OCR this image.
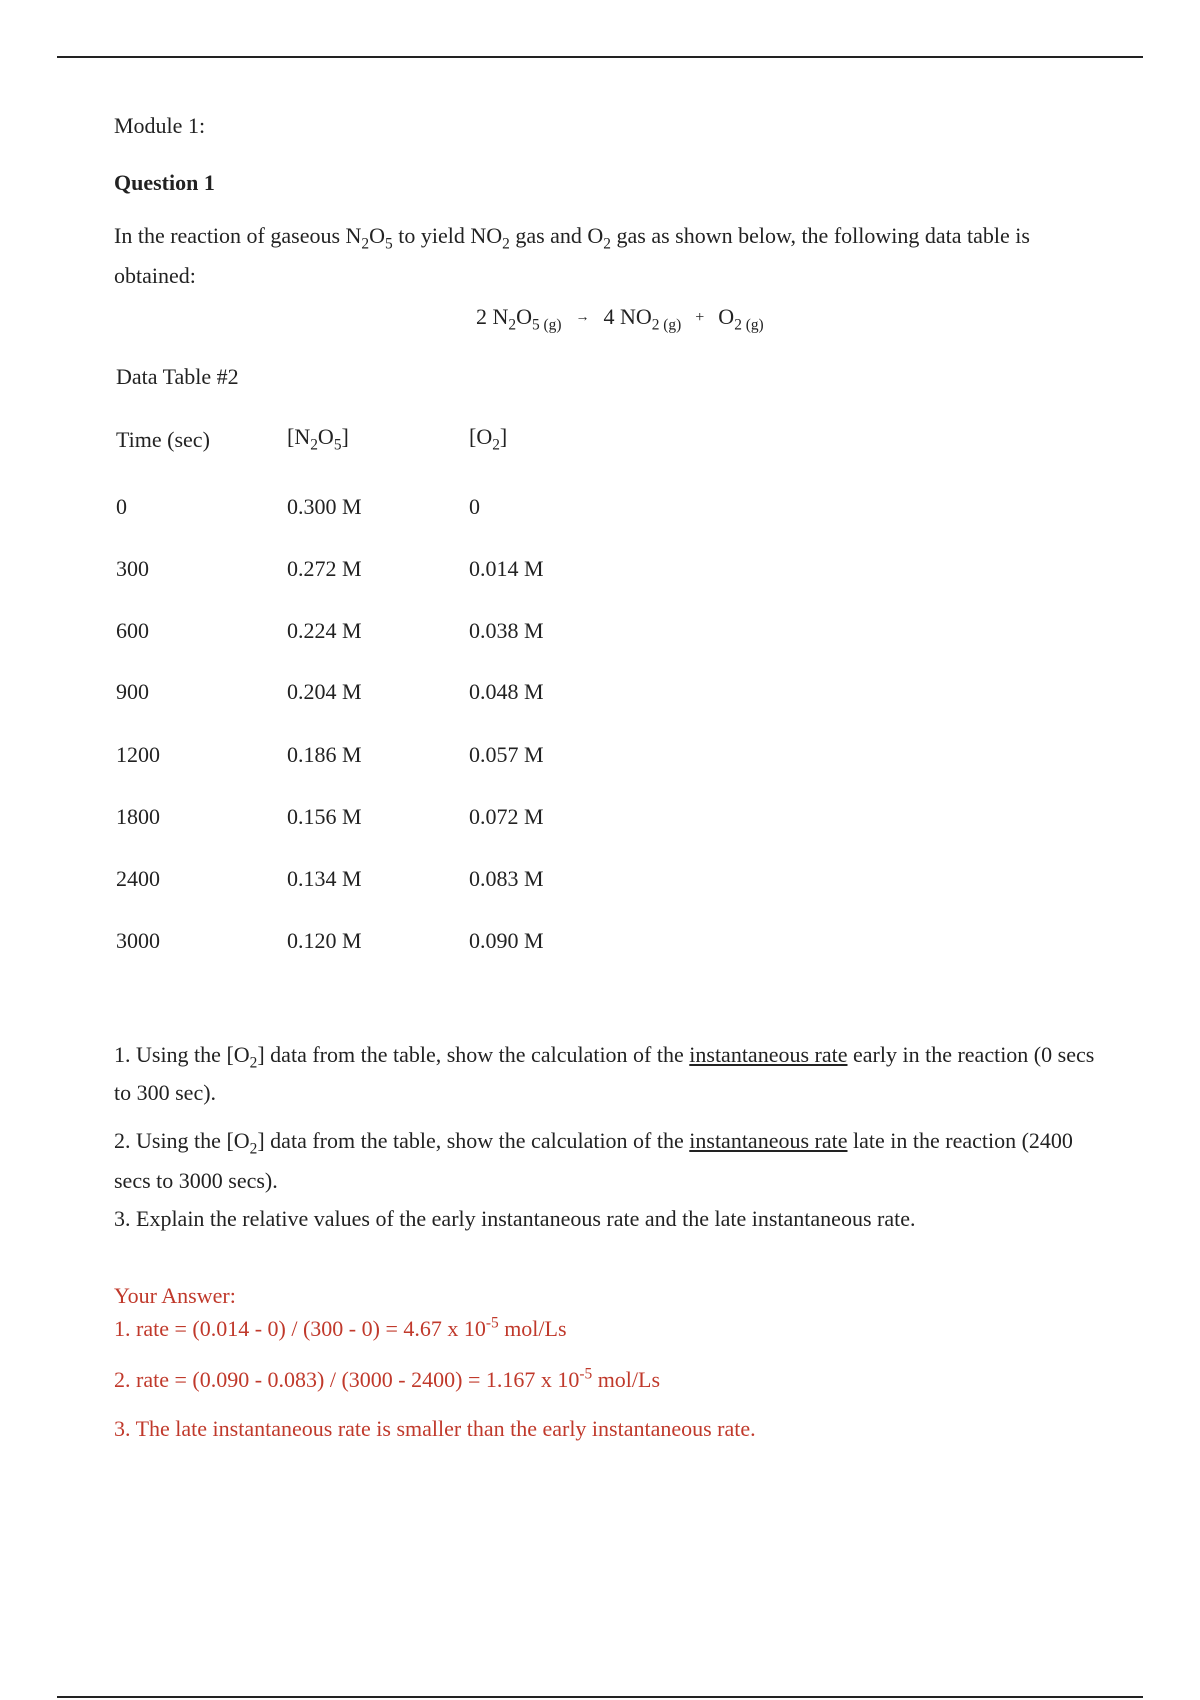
Module 1:
Question 1
In the reaction of gaseous $N_2O_5$ to yield $NO_2$ gas and $O_2$ gas as shown below, the following data table is obtained:
2 $N_2O_{5 (g)} \to 4$ $NO_{2 (g)} + O_{2 (g)}$
Data Table #2
Time (sec)	$[N_2O_5]$	$[O_2]$
0	0.300 M	0
300	0.272 M	0.014 M
600	0.224 M	0.038 M
900	0.204 M	0.048 M
1200	0.186 M	0.057 M
1800	0.156 M	0.072 M
2400	0.134 M	0.083 M
3000	0.120 M	0.090 M
1. Using the $[O_2]$ data from the table, show the calculation of the instantaneous rate early in the reaction (0 secs to 300 sec).
2. Using the $[O_2]$ data from the table, show the calculation of the instantaneous rate late in the reaction (2400 secs to 3000 secs).
3. Explain the relative values of the early instantaneous rate and the late instantaneous rate.
Your Answer:
1. rate = (0.014 - 0) / (300 - 0) = 4.67 x $10^{-5}$ mol/Ls
2. rate = (0.090 - 0.083) / (3000 - 2400) = 1.167 x $10^{-5}$ mol/Ls
3. The late instantaneous rate is smaller than the early instantaneous rate.
